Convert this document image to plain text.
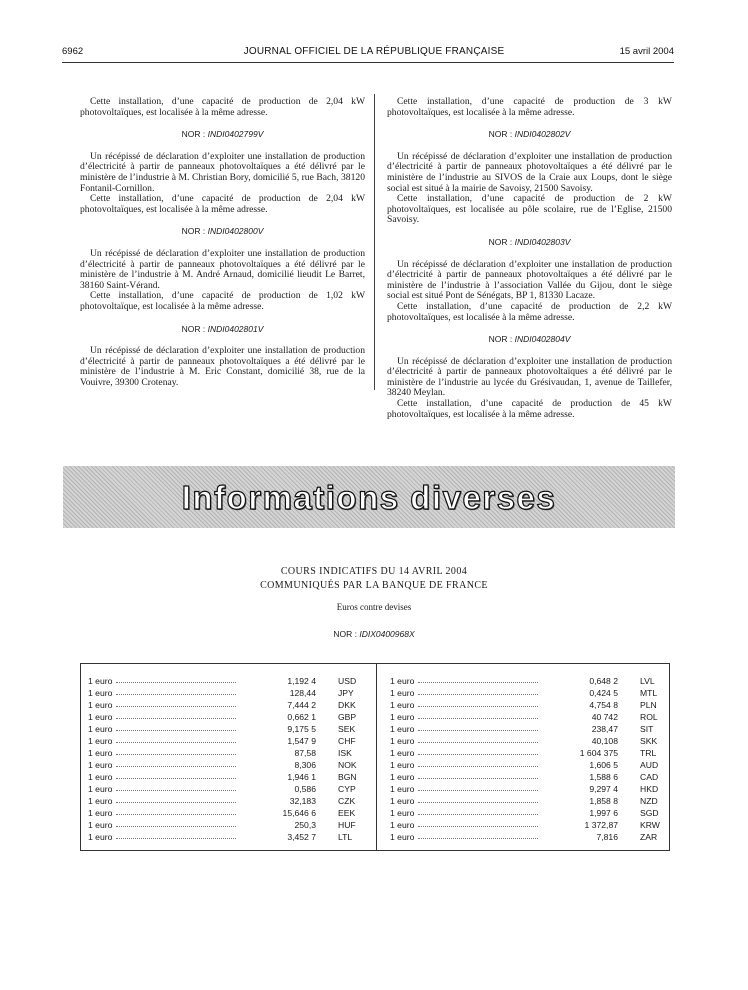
6962	JOURNAL OFFICIEL DE LA RÉPUBLIQUE FRANÇAISE	15 avril 2004

Cette installation, d’une capacité de production de 2,04 kW photovoltaïques, est localisée à la même adresse.

NOR : INDI0402799V

Un récépissé de déclaration d’exploiter une installation de production d’électricité à partir de panneaux photovoltaïques a été délivré par le ministère de l’industrie à M. Christian Bory, domicilié 5, rue Bach, 38120 Fontanil-Cornillon.

Cette installation, d’une capacité de production de 2,04 kW photovoltaïques, est localisée à la même adresse.

NOR : INDI0402800V

Un récépissé de déclaration d’exploiter une installation de production d’électricité à partir de panneaux photovoltaïques a été délivré par le ministère de l’industrie à M. André Arnaud, domicilié lieudit Le Barret, 38160 Saint-Vérand.

Cette installation, d’une capacité de production de 1,02 kW photovoltaïque, est localisée à la même adresse.

NOR : INDI0402801V

Un récépissé de déclaration d’exploiter une installation de production d’électricité à partir de panneaux photovoltaïques a été délivré par le ministère de l’industrie à M. Eric Constant, domicilié 38, rue de la Vouivre, 39300 Crotenay.

Cette installation, d’une capacité de production de 3 kW photovoltaïques, est localisée à la même adresse.

NOR : INDI0402802V

Un récépissé de déclaration d’exploiter une installation de production d’électricité à partir de panneaux photovoltaïques a été délivré par le ministère de l’industrie au SIVOS de la Craie aux Loups, dont le siège social est situé à la mairie de Savoisy, 21500 Savoisy.

Cette installation, d’une capacité de production de 2 kW photovoltaïques, est localisée au pôle scolaire, rue de l’Eglise, 21500 Savoisy.

NOR : INDI0402803V

Un récépissé de déclaration d’exploiter une installation de production d’électricité à partir de panneaux photovoltaïques a été délivré par le ministère de l’industrie à l’association Vallée du Gijou, dont le siège social est situé Pont de Sénégats, BP 1, 81330 Lacaze.

Cette installation, d’une capacité de production de 2,2 kW photovoltaïques, est localisée à la même adresse.

NOR : INDI0402804V

Un récépissé de déclaration d’exploiter une installation de production d’électricité à partir de panneaux photovoltaïques a été délivré par le ministère de l’industrie au lycée du Grésivaudan, 1, avenue de Taillefer, 38240 Meylan.

Cette installation, d’une capacité de production de 45 kW photovoltaïques, est localisée à la même adresse.

Informations diverses
COURS INDICATIFS DU 14 AVRIL 2004
COMMUNIQUÉS PAR LA BANQUE DE FRANCE
Euros contre devises
NOR : IDIX0400968X
1 euro	1,192 4	USD
1 euro	128,44	JPY
1 euro	7,444 2	DKK
1 euro	0,662 1	GBP
1 euro	9,175 5	SEK
1 euro	1,547 9	CHF
1 euro	87,58	ISK
1 euro	8,306	NOK
1 euro	1,946 1	BGN
1 euro	0,586	CYP
1 euro	32,183	CZK
1 euro	15,646 6	EEK
1 euro	250,3	HUF
1 euro	3,452 7	LTL
1 euro	0,648 2	LVL
1 euro	0,424 5	MTL
1 euro	4,754 8	PLN
1 euro	40 742	ROL
1 euro	238,47	SIT
1 euro	40,108	SKK
1 euro	1 604 375	TRL
1 euro	1,606 5	AUD
1 euro	1,588 6	CAD
1 euro	9,297 4	HKD
1 euro	1,858 8	NZD
1 euro	1,997 6	SGD
1 euro	1 372,87	KRW
1 euro	7,816	ZAR
